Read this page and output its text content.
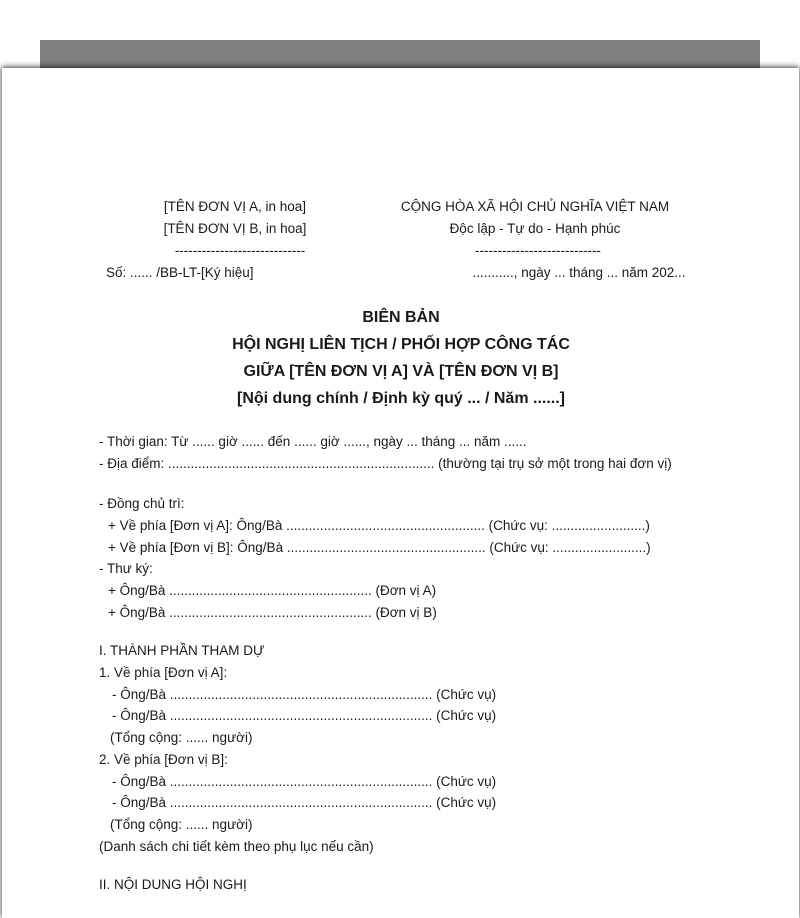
[TÊN ĐƠN VỊ A, in hoa]
[TÊN ĐƠN VỊ B, in hoa]
-----------------------------
Số: ...... /BB-LT-[Ký hiệu]
CỘNG HÒA XÃ HỘI CHỦ NGHĨA VIỆT NAM
Độc lập - Tự do - Hạnh phúc
----------------------------
..........., ngày ... tháng ... năm 202...
BIÊN BẢN
HỘI NGHỊ LIÊN TỊCH / PHỐI HỢP CÔNG TÁC
GIỮA [TÊN ĐƠN VỊ A] VÀ [TÊN ĐƠN VỊ B]
[Nội dung chính / Định kỳ quý ... / Năm ......]
- Thời gian: Từ ...... giờ ...... đến ...... giờ ......, ngày ... tháng ... năm ......
- Địa điểm: ....................................................................... (thường tại trụ sở một trong hai đơn vị)
- Đồng chủ trì:
+ Về phía [Đơn vị A]: Ông/Bà ..................................................... (Chức vụ: .........................)
+ Về phía [Đơn vị B]: Ông/Bà ..................................................... (Chức vụ: .........................)
- Thư ký:
+ Ông/Bà ...................................................... (Đơn vị A)
+ Ông/Bà ...................................................... (Đơn vị B)
I. THÀNH PHẦN THAM DỰ
1. Về phía [Đơn vị A]:
- Ông/Bà ...................................................................... (Chức vụ)
- Ông/Bà ...................................................................... (Chức vụ)
(Tổng cộng: ...... người)
2. Về phía [Đơn vị B]:
- Ông/Bà ...................................................................... (Chức vụ)
- Ông/Bà ...................................................................... (Chức vụ)
(Tổng cộng: ...... người)
(Danh sách chi tiết kèm theo phụ lục nếu cần)
II. NỘI DUNG HỘI NGHỊ
